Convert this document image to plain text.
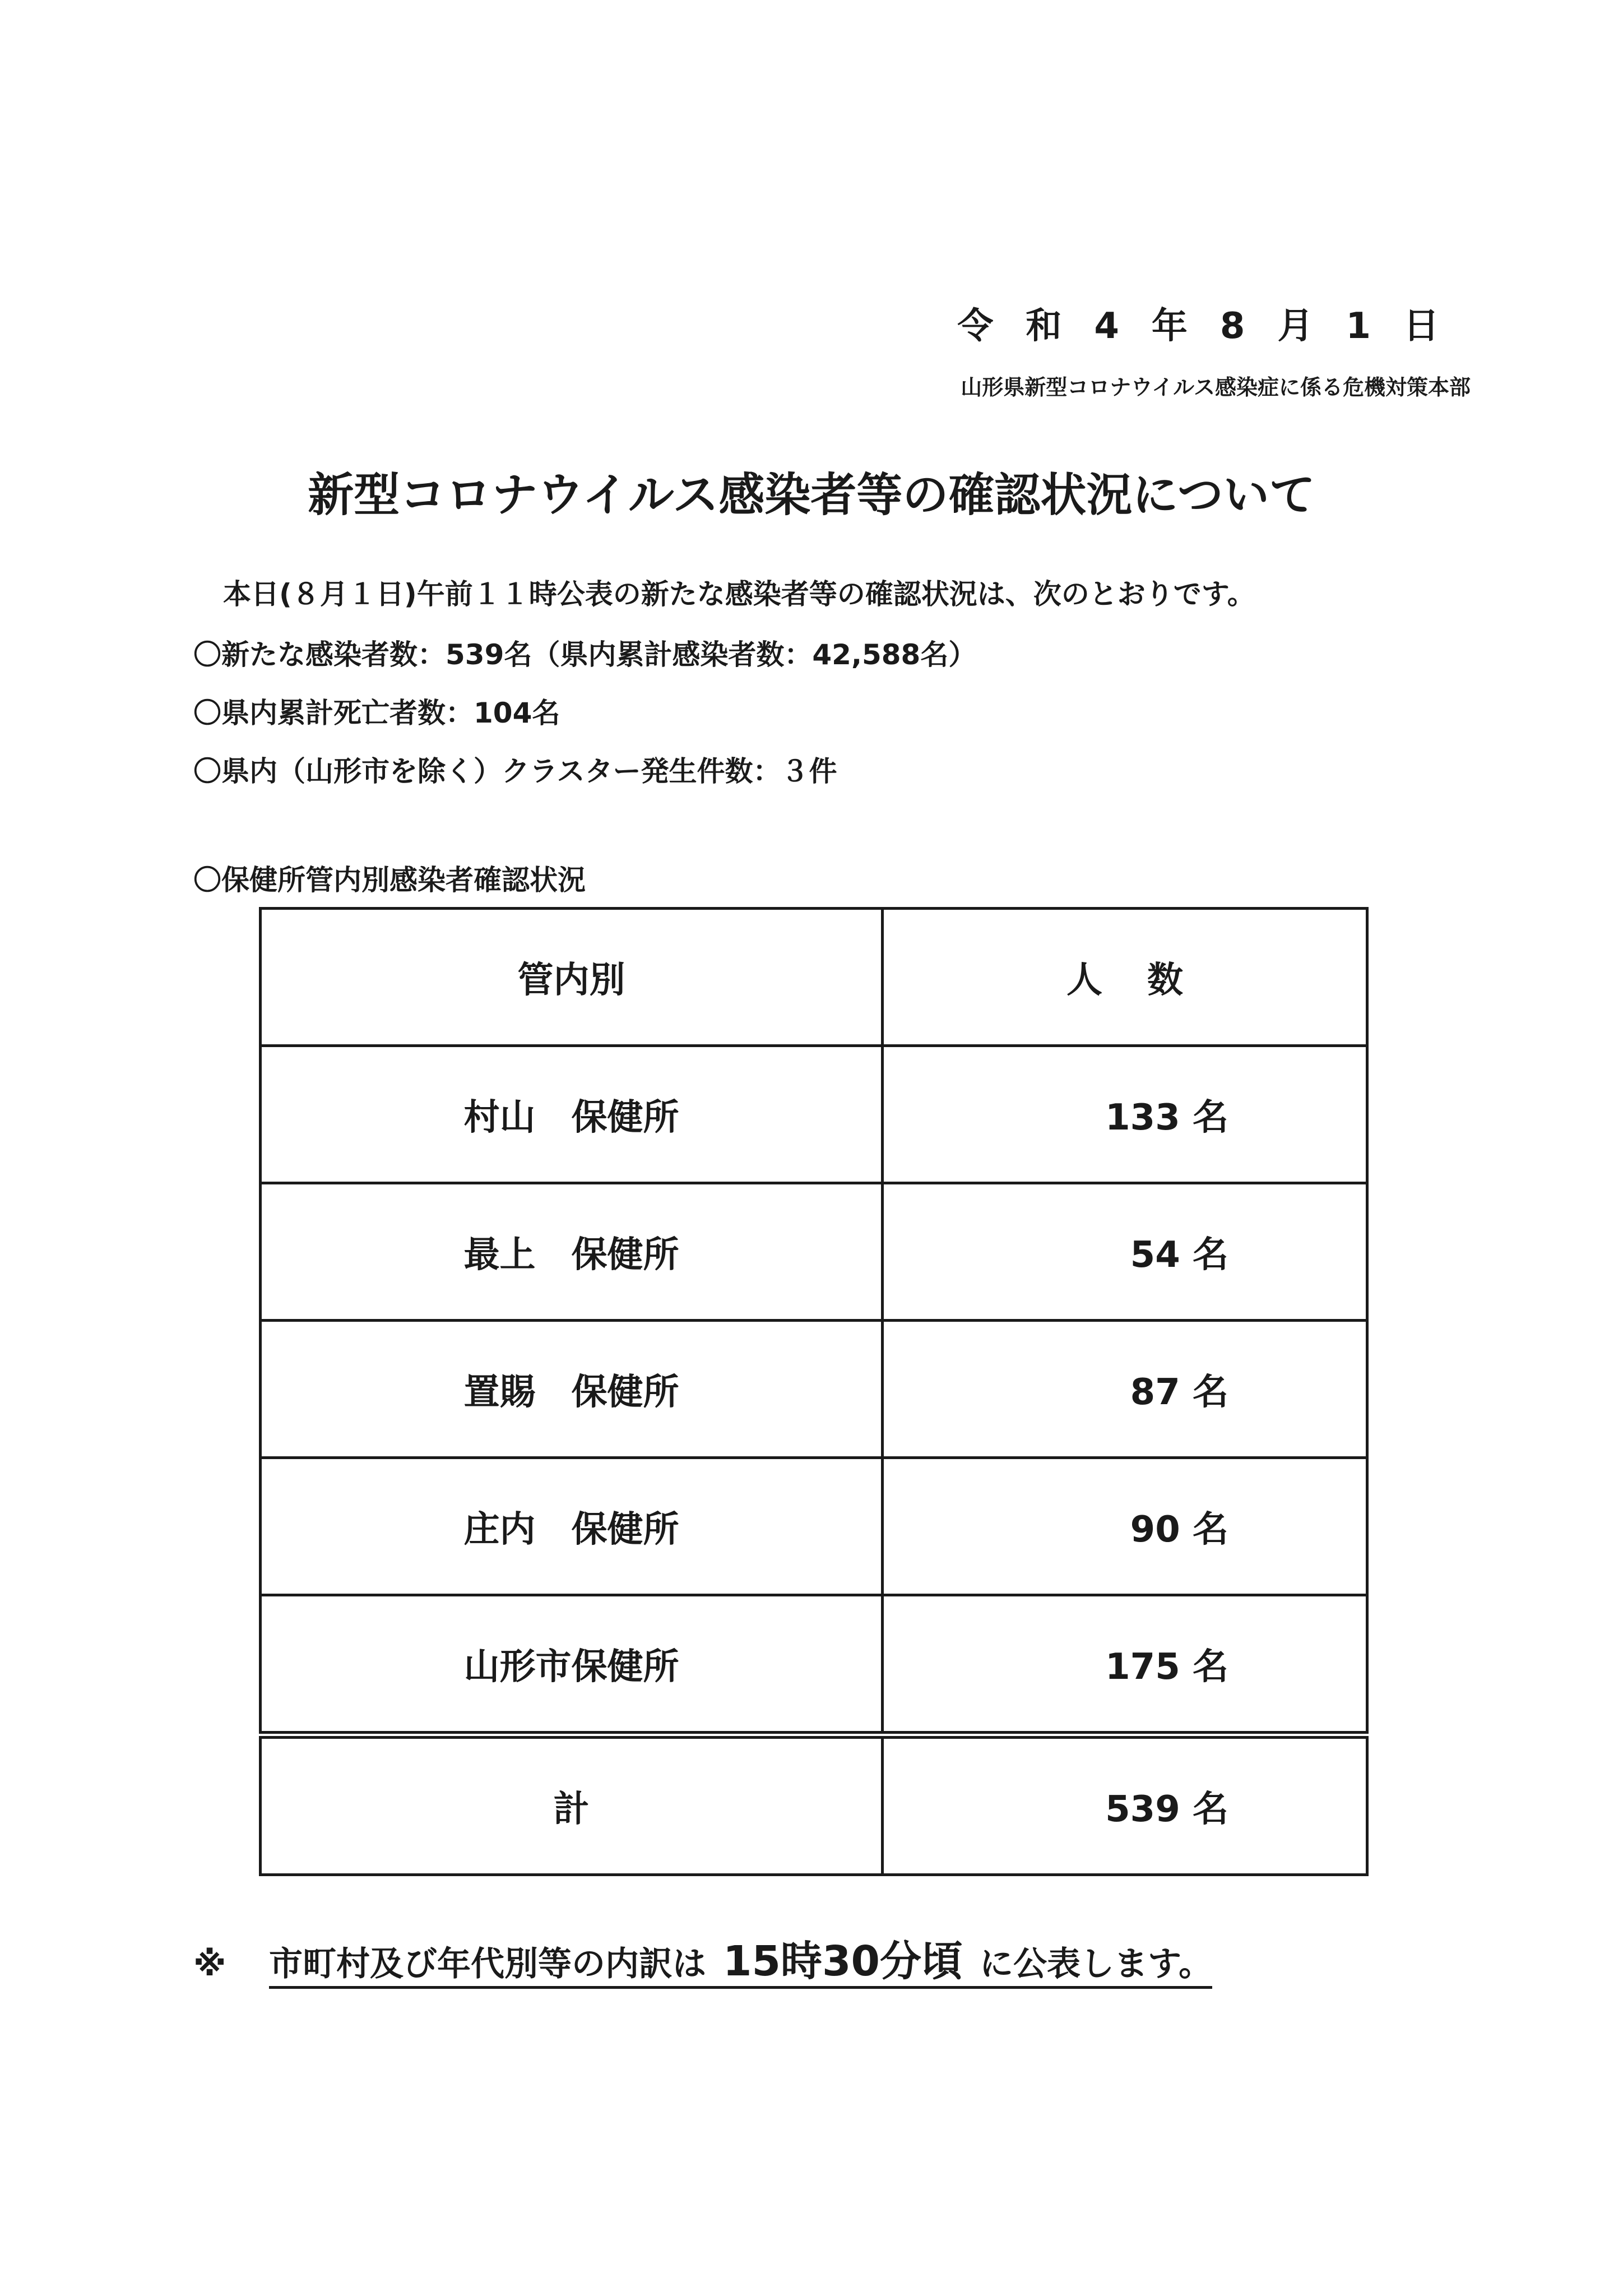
令和4年8月1日
山形県新型コロナウイルス感染症に係る危機対策本部
新型コロナウイルス感染者等の確認状況について
本日(８月１日)午前１１時公表の新たな感染者等の確認状況は、次のとおりです。
〇新たな感染者数：539名（県内累計感染者数：42,588名）
〇県内累計死亡者数：104名
〇県内（山形市を除く）クラスター発生件数：３件
〇保健所管内別感染者確認状況
管内別	人数
村山　保健所	133 名
最上　保健所	54 名
置賜　保健所	87 名
庄内　保健所	90 名
山形市保健所	175 名
計	539 名
※ 市町村及び年代別等の内訳は 15時30分頃 に公表します。
